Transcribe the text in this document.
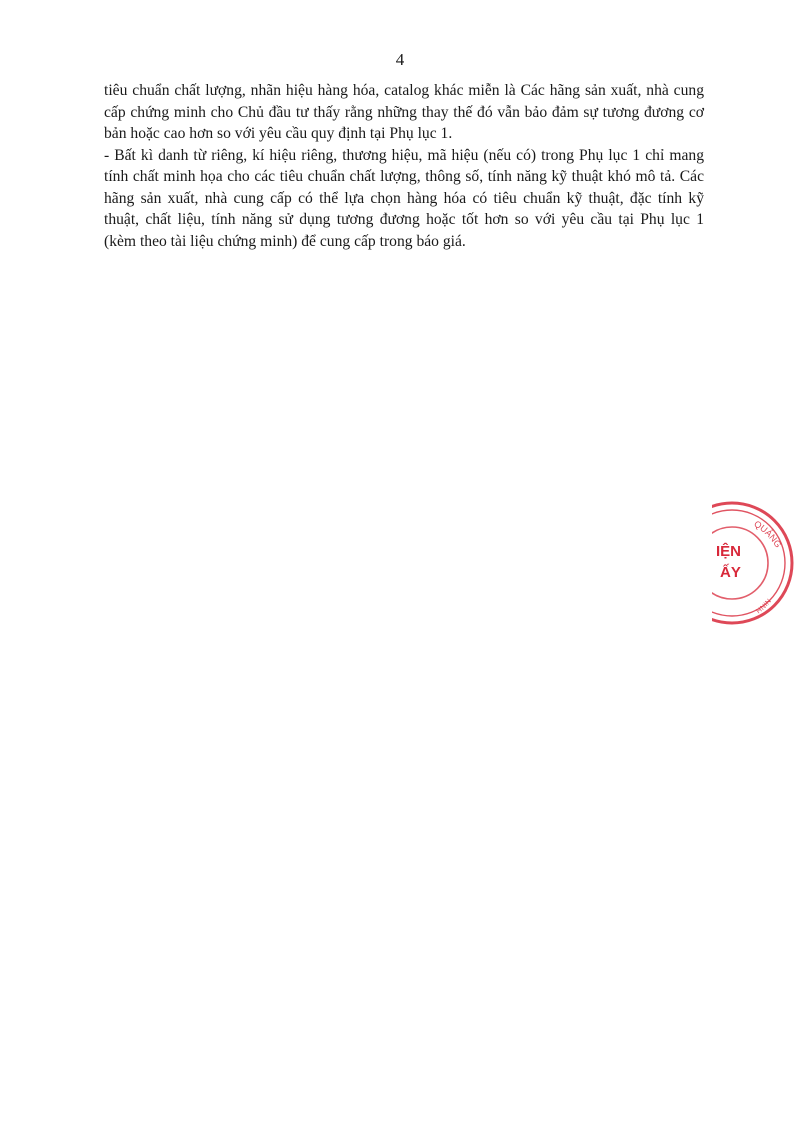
4
tiêu chuẩn chất lượng, nhãn hiệu hàng hóa, catalog khác miễn là Các hãng sản xuất, nhà cung
cấp chứng minh cho Chủ đầu tư thấy rằng những thay thế đó vẫn bảo đảm sự tương đương cơ
bản hoặc cao hơn so với yêu cầu quy định tại Phụ lục 1.
- Bất kì danh từ riêng, kí hiệu riêng, thương hiệu, mã hiệu (nếu có) trong Phụ lục 1 chỉ mang
tính chất minh họa cho các tiêu chuẩn chất lượng, thông số, tính năng kỹ thuật khó mô tả. Các
hãng sản xuất, nhà cung cấp có thể lựa chọn hàng hóa có tiêu chuẩn kỹ thuật, đặc tính kỹ
thuật, chất liệu, tính năng sử dụng tương đương hoặc tốt hơn so với yêu cầu tại Phụ lục 1
(kèm theo tài liệu chứng minh) để cung cấp trong báo giá.
QUẢNG
NINH
IỆN
ẤY
